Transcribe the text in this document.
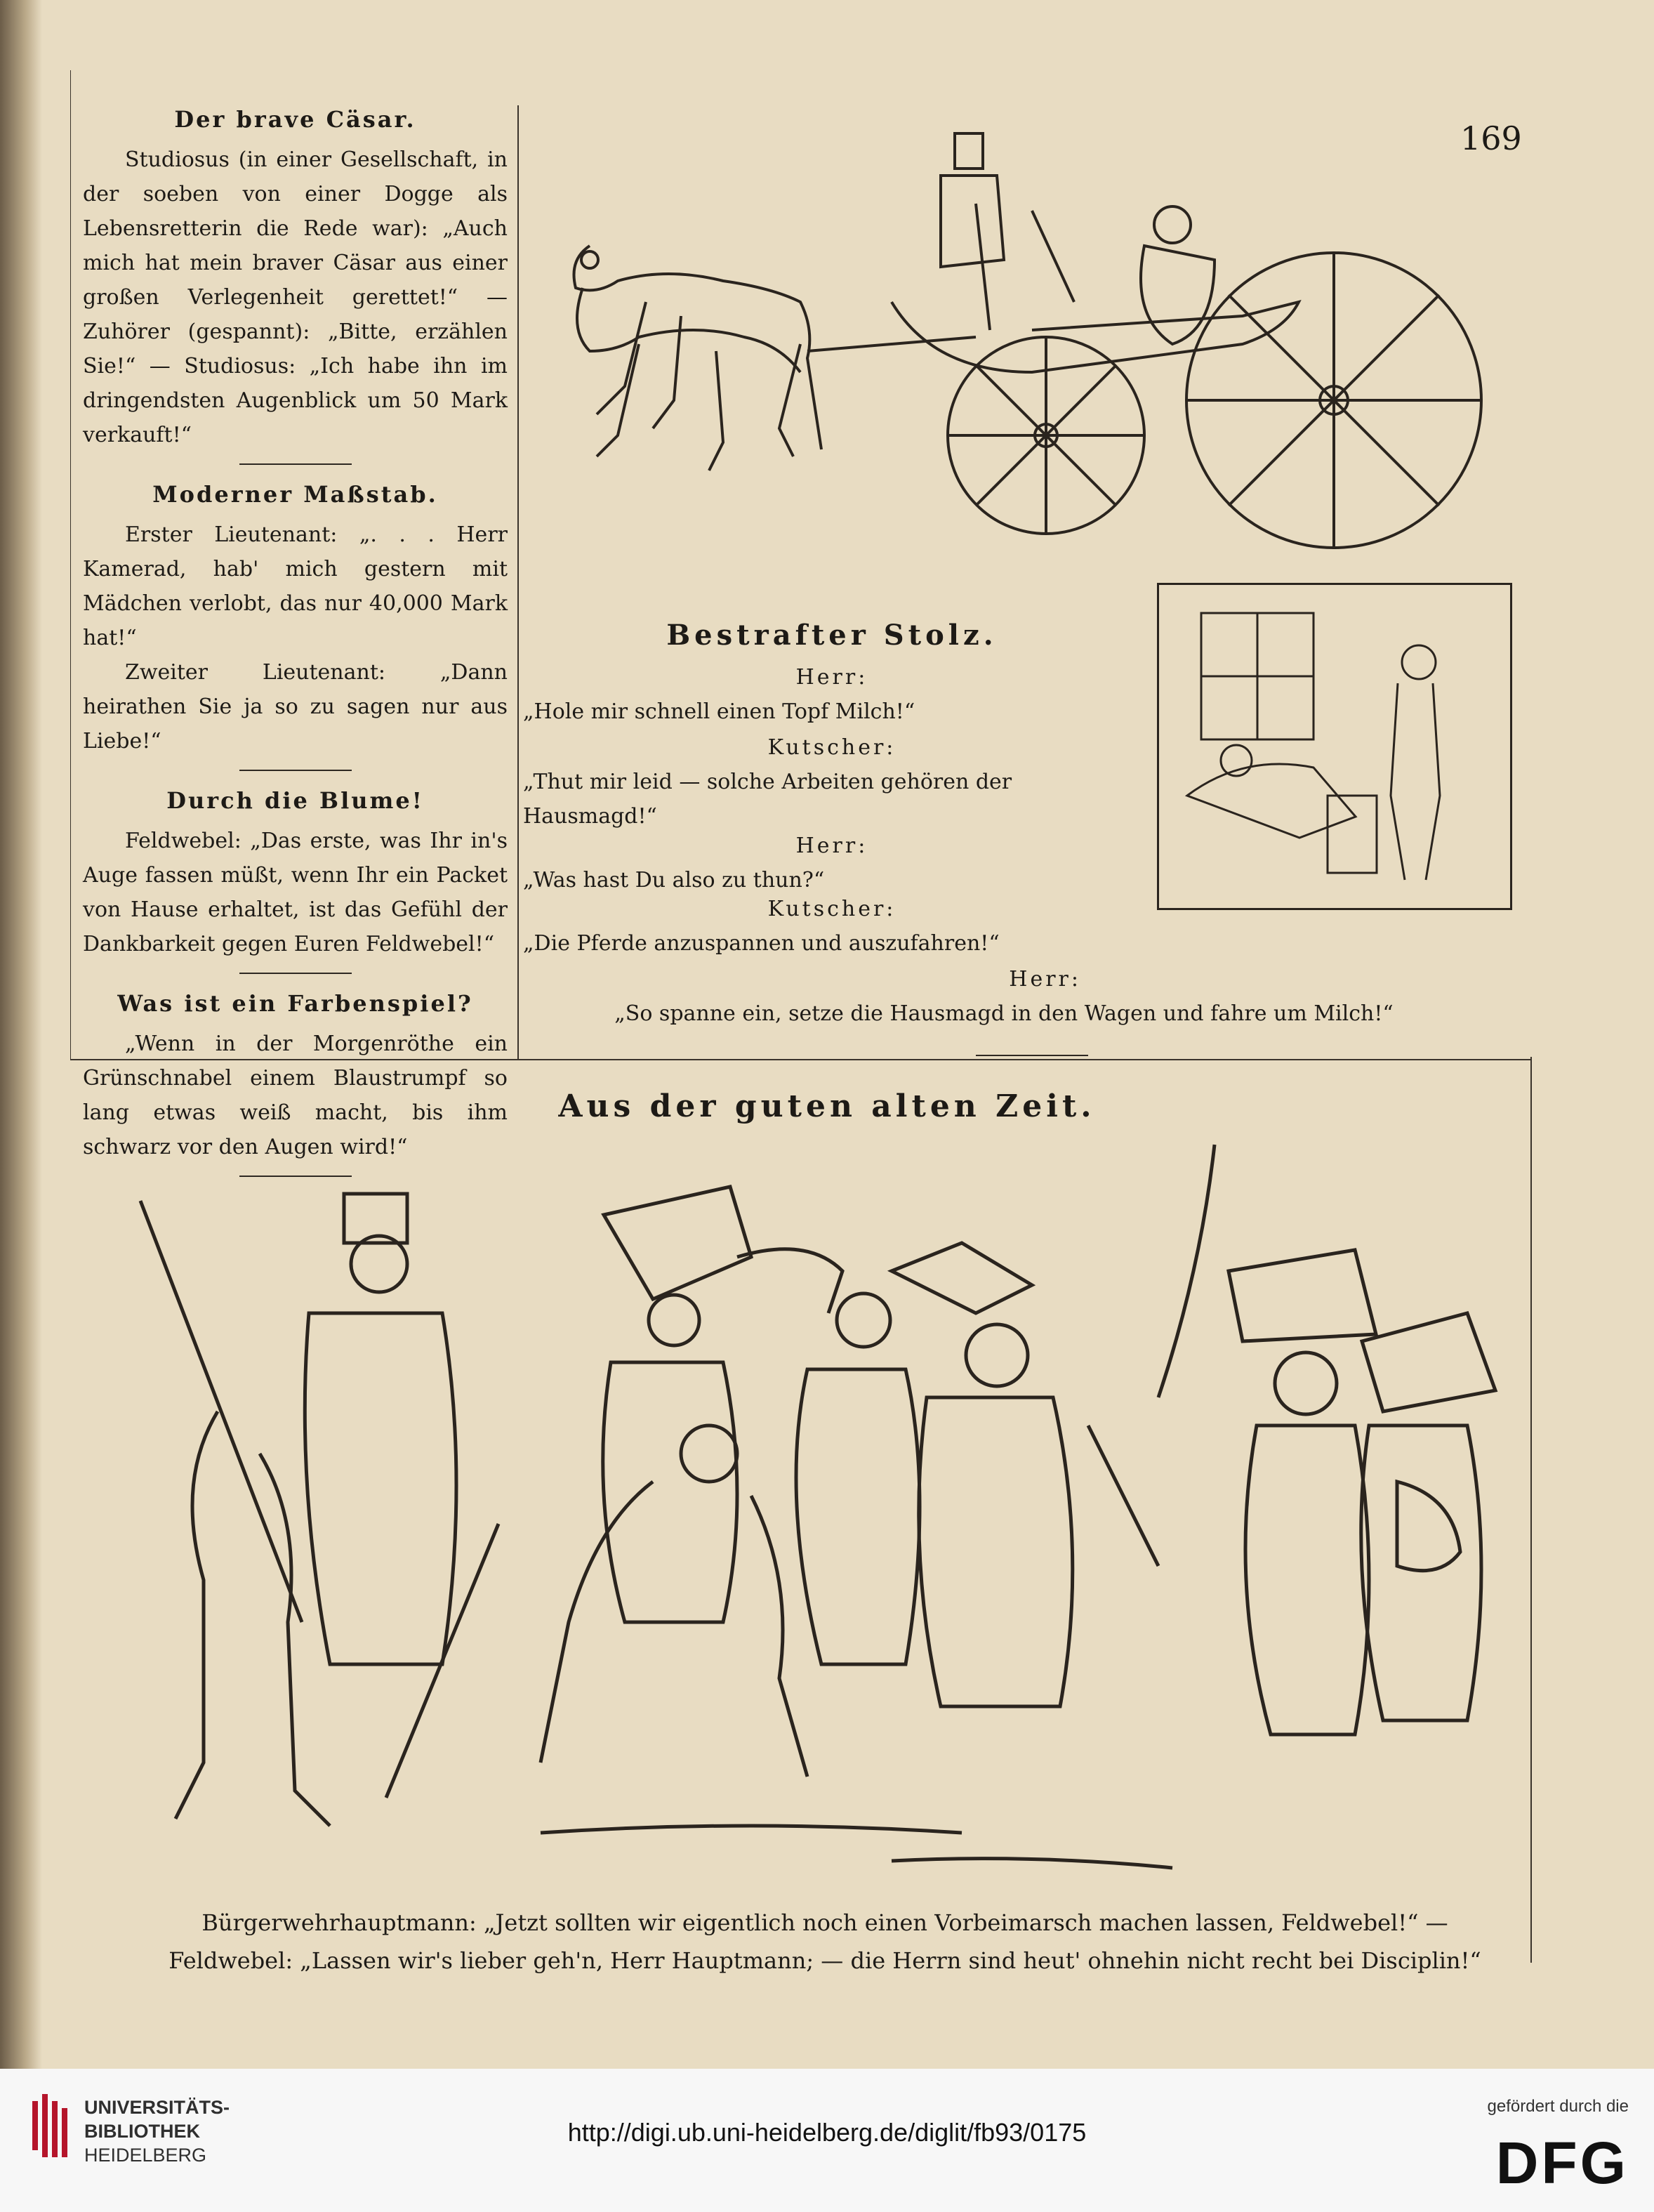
169
Der brave Cäsar.

Studiosus (in einer Gesellschaft, in der soeben von einer Dogge als Lebensretterin die Rede war): „Auch mich hat mein braver Cäsar aus einer großen Verlegenheit gerettet!“ — Zuhörer (gespannt): „Bitte, erzählen Sie!“ — Studiosus: „Ich habe ihn im dringendsten Augenblick um 50 Mark verkauft!“

Moderner Maßstab.

Erster Lieutenant: „. . . Herr Kamerad, hab' mich gestern mit Mädchen verlobt, das nur 40,000 Mark hat!“

Zweiter Lieutenant: „Dann heirathen Sie ja so zu sagen nur aus Liebe!“

Durch die Blume!

Feldwebel: „Das erste, was Ihr in's Auge fassen müßt, wenn Ihr ein Packet von Hause erhaltet, ist das Gefühl der Dankbarkeit gegen Euren Feldwebel!“

Was ist ein Farbenspiel?

„Wenn in der Morgenröthe ein Grünschnabel einem Blaustrumpf so lang etwas weiß macht, bis ihm schwarz vor den Augen wird!“

Bestrafter Stolz.
Herr:
„Hole mir schnell einen Topf Milch!“
Kutscher:
„Thut mir leid — solche Arbeiten gehören der Hausmagd!“
Herr:
„Was hast Du also zu thun?“
Kutscher:
„Die Pferde anzuspannen und auszufahren!“
Herr:
„So spanne ein, setze die Hausmagd in den Wagen und fahre um Milch!“
Aus der guten alten Zeit.
Bürgerwehrhauptmann: „Jetzt sollten wir eigentlich noch einen Vorbeimarsch machen lassen, Feldwebel!“ —
Feldwebel: „Lassen wir's lieber geh'n, Herr Hauptmann; — die Herrn sind heut' ohnehin nicht recht bei Disciplin!“
UNIVERSITÄTS-
BIBLIOTHEK
HEIDELBERG
http://digi.ub.uni-heidelberg.de/diglit/fb93/0175
gefördert durch die
DFG
